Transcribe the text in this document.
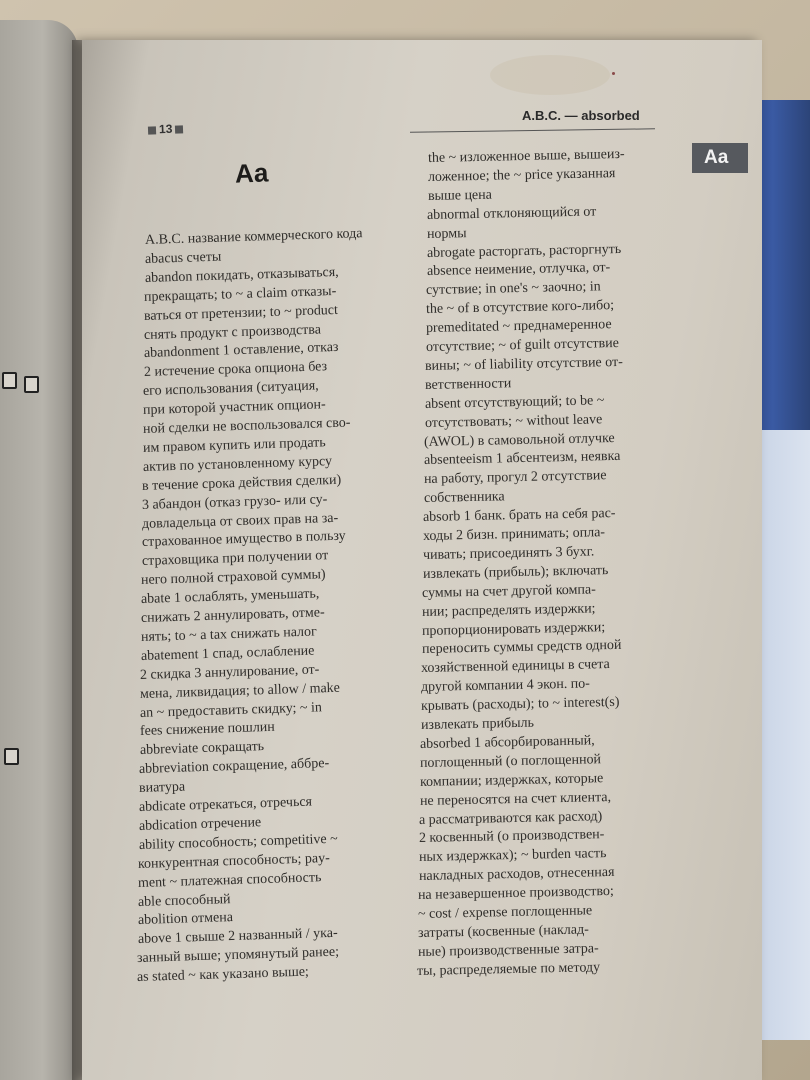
13
A.B.C. — absorbed
Aa	Aa
A.B.C. название коммерческого кода
abacus счеты
abandon покидать, отказываться,
прекращать; to ~ a claim отказы-
ваться от претензии; to ~ product
снять продукт с производства
abandonment 1 оставление, отказ
2 истечение срока опциона без
его использования (ситуация,
при которой участник опцион-
ной сделки не воспользовался сво-
им правом купить или продать
актив по установленному курсу
в течение срока действия сделки)
3 абандон (отказ грузо- или су-
довладельца от своих прав на за-
страхованное имущество в пользу
страховщика при получении от
него полной страховой суммы)
abate 1 ослаблять, уменьшать,
снижать 2 аннулировать, отме-
нять; to ~ a tax снижать налог
abatement 1 спад, ослабление
2 скидка 3 аннулирование, от-
мена, ликвидация; to allow / make
an ~ предоставить скидку; ~ in
fees снижение пошлин
abbreviate сокращать
abbreviation сокращение, аббре-
виатура
abdicate отрекаться, отречься
abdication отречение
ability способность; competitive ~
конкурентная способность; pay-
ment ~ платежная способность
able способный
abolition отмена
above 1 свыше 2 названный / ука-
занный выше; упомянутый ранее;
as stated ~ как указано выше;
the ~ изложенное выше, вышеиз-
ложенное; the ~ price указанная
выше цена
abnormal отклоняющийся от
нормы
abrogate расторгать, расторгнуть
absence неимение, отлучка, от-
сутствие; in one's ~ заочно; in
the ~ of в отсутствие кого-либо;
premeditated ~ преднамеренное
отсутствие; ~ of guilt отсутствие
вины; ~ of liability отсутствие от-
ветственности
absent отсутствующий; to be ~
отсутствовать; ~ without leave
(AWOL) в самовольной отлучке
absenteeism 1 абсентеизм, неявка
на работу, прогул 2 отсутствие
собственника
absorb 1 банк. брать на себя рас-
ходы 2 бизн. принимать; опла-
чивать; присоединять 3 бухг.
извлекать (прибыль); включать
суммы на счет другой компа-
нии; распределять издержки;
пропорционировать издержки;
переносить суммы средств одной
хозяйственной единицы в счета
другой компании 4 экон. по-
крывать (расходы); to ~ interest(s)
извлекать прибыль
absorbed 1 абсорбированный,
поглощенный (о поглощенной
компании; издержках, которые
не переносятся на счет клиента,
а рассматриваются как расход)
2 косвенный (о производствен-
ных издержках); ~ burden часть
накладных расходов, отнесенная
на незавершенное производство;
~ cost / expense поглощенные
затраты (косвенные (наклад-
ные) производственные затра-
ты, распределяемые по методу
